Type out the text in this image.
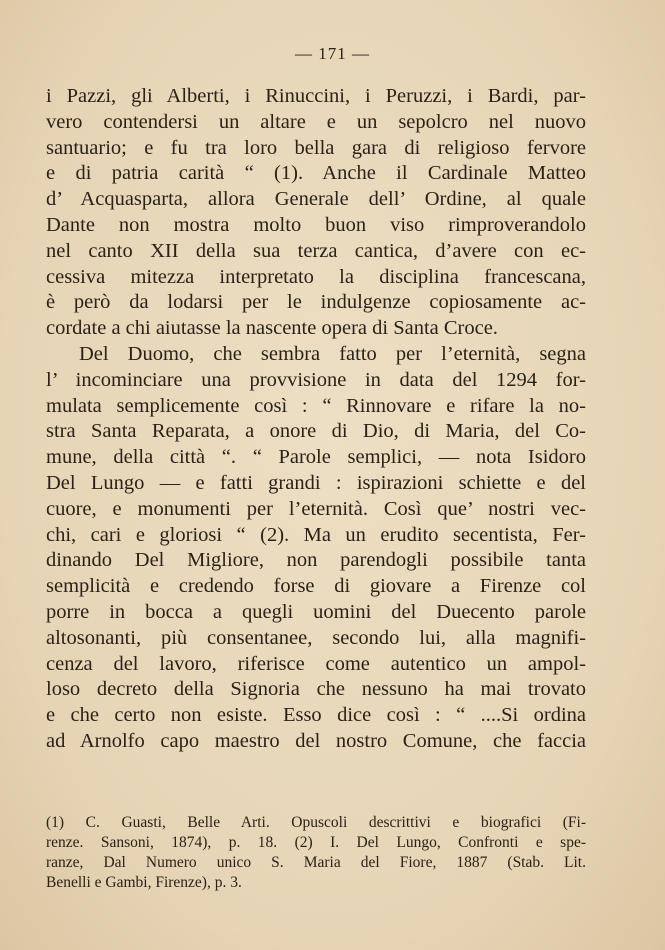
— 171 —
i Pazzi, gli Alberti, i Rinuccini, i Peruzzi, i Bardi, par-
vero contendersi un altare e un sepolcro nel nuovo
santuario; e fu tra loro bella gara di religioso fervore
e di patria carità “ (1). Anche il Cardinale Matteo
d’ Acquasparta, allora Generale dell’ Ordine, al quale
Dante non mostra molto buon viso rimproverandolo
nel canto XII della sua terza cantica, d’avere con ec-
cessiva mitezza interpretato la disciplina francescana,
è però da lodarsi per le indulgenze copiosamente ac-
cordate a chi aiutasse la nascente opera di Santa Croce.
Del Duomo, che sembra fatto per l’eternità, segna
l’ incominciare una provvisione in data del 1294 for-
mulata semplicemente così : “ Rinnovare e rifare la no-
stra Santa Reparata, a onore di Dio, di Maria, del Co-
mune, della città “. “ Parole semplici, — nota Isidoro
Del Lungo — e fatti grandi : ispirazioni schiette e del
cuore, e monumenti per l’eternità. Così que’ nostri vec-
chi, cari e gloriosi “ (2). Ma un erudito secentista, Fer-
dinando Del Migliore, non parendogli possibile tanta
semplicità e credendo forse di giovare a Firenze col
porre in bocca a quegli uomini del Duecento parole
altosonanti, più consentanee, secondo lui, alla magnifi-
cenza del lavoro, riferisce come autentico un ampol-
loso decreto della Signoria che nessuno ha mai trovato
e che certo non esiste. Esso dice così : “ ....Si ordina
ad Arnolfo capo maestro del nostro Comune, che faccia
(1) C. Guasti, Belle Arti. Opuscoli descrittivi e biografici (Fi-
renze. Sansoni, 1874), p. 18. (2) I. Del Lungo, Confronti e spe-
ranze, Dal Numero unico S. Maria del Fiore, 1887 (Stab. Lit.
Benelli e Gambi, Firenze), p. 3.
